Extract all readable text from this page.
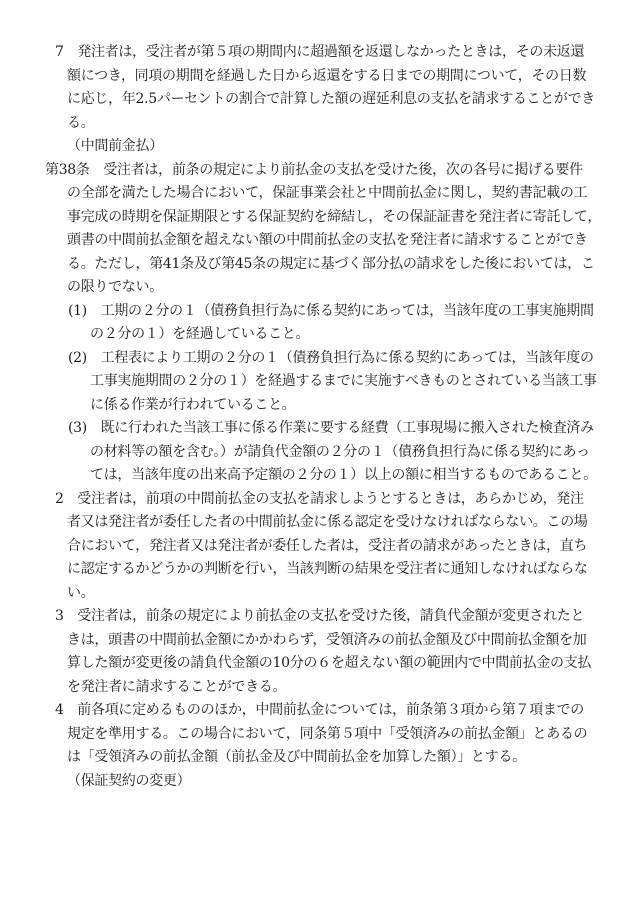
7　発注者は，受注者が第５項の期間内に超過額を返還しなかったときは，その未返還
額につき，同項の期間を経過した日から返還をする日までの期間について，その日数
に応じ，年2.5パーセントの割合で計算した額の遅延利息の支払を請求することができ
る。
（中間前金払）
第38条　受注者は，前条の規定により前払金の支払を受けた後，次の各号に掲げる要件
の全部を満たした場合において，保証事業会社と中間前払金に関し，契約書記載の工
事完成の時期を保証期限とする保証契約を締結し，その保証証書を発注者に寄託して，
頭書の中間前払金額を超えない額の中間前払金の支払を発注者に請求することができ
る。ただし，第41条及び第45条の規定に基づく部分払の請求をした後においては，こ
の限りでない。
(1)　工期の２分の１（債務負担行為に係る契約にあっては，当該年度の工事実施期間
の２分の１）を経過していること。
(2)　工程表により工期の２分の１（債務負担行為に係る契約にあっては，当該年度の
工事実施期間の２分の１）を経過するまでに実施すべきものとされている当該工事
に係る作業が行われていること。
(3)　既に行われた当該工事に係る作業に要する経費（工事現場に搬入された検査済み
の材料等の額を含む。）が請負代金額の２分の１（債務負担行為に係る契約にあっ
ては，当該年度の出来高予定額の２分の１）以上の額に相当するものであること。
2　受注者は，前項の中間前払金の支払を請求しようとするときは，あらかじめ，発注
者又は発注者が委任した者の中間前払金に係る認定を受けなければならない。この場
合において，発注者又は発注者が委任した者は，受注者の請求があったときは，直ち
に認定するかどうかの判断を行い，当該判断の結果を受注者に通知しなければならな
い。
3　受注者は，前条の規定により前払金の支払を受けた後，請負代金額が変更されたと
きは，頭書の中間前払金額にかかわらず，受領済みの前払金額及び中間前払金額を加
算した額が変更後の請負代金額の10分の６を超えない額の範囲内で中間前払金の支払
を発注者に請求することができる。
4　前各項に定めるもののほか，中間前払金については，前条第３項から第７項までの
規定を準用する。この場合において，同条第５項中「受領済みの前払金額」とあるの
は「受領済みの前払金額（前払金及び中間前払金を加算した額）」とする。
（保証契約の変更）
